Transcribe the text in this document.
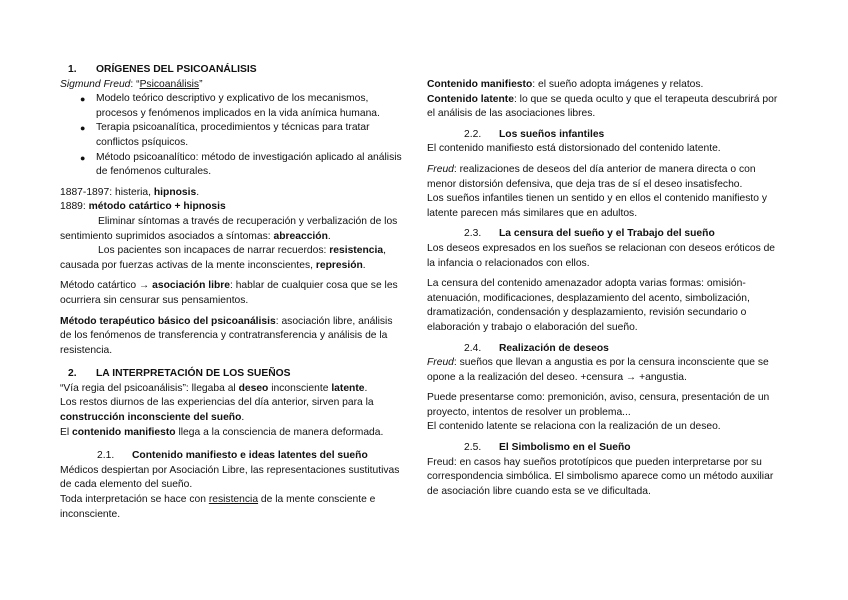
1. ORÍGENES DEL PSICOANÁLISIS

Sigmund Freud: “Psicoanálisis”

● Modelo teórico descriptivo y explicativo de los mecanismos, procesos y fenómenos implicados en la vida anímica humana.
● Terapia psicoanalítica, procedimientos y técnicas para tratar conflictos psíquicos.
● Método psicoanalítico: método de investigación aplicado al análisis de fenómenos culturales.

1887-1897: histeria, hipnosis.

1889: método catártico + hipnosis

Eliminar síntomas a través de recuperación y verbalización de los sentimiento suprimidos asociados a síntomas: abreacción.

Los pacientes son incapaces de narrar recuerdos: resistencia, causada por fuerzas activas de la mente inconscientes, represión.

Método catártico → asociación libre: hablar de cualquier cosa que se les ocurriera sin censurar sus pensamientos.

Método terapéutico básico del psicoanálisis: asociación libre, análisis de los fenómenos de transferencia y contratransferencia y análisis de la resistencia.

2. LA INTERPRETACIÓN DE LOS SUEÑOS

“Vía regia del psicoanálisis”: llegaba al deseo inconsciente latente.

Los restos diurnos de las experiencias del día anterior, sirven para la construcción inconsciente del sueño.

El contenido manifiesto llega a la consciencia de manera deformada.

2.1. Contenido manifiesto e ideas latentes del sueño

Médicos despiertan por Asociación Libre, las representaciones sustitutivas de cada elemento del sueño.

Toda interpretación se hace con resistencia de la mente consciente e inconsciente.

Contenido manifiesto: el sueño adopta imágenes y relatos.

Contenido latente: lo que se queda oculto y que el terapeuta descubrirá por el análisis de las asociaciones libres.

2.2. Los sueños infantiles

El contenido manifiesto está distorsionado del contenido latente.

Freud: realizaciones de deseos del día anterior de manera directa o con menor distorsión defensiva, que deja tras de sí el deseo insatisfecho.

Los sueños infantiles tienen un sentido y en ellos el contenido manifiesto y latente parecen más similares que en adultos.

2.3. La censura del sueño y el Trabajo del sueño

Los deseos expresados en los sueños se relacionan con deseos eróticos de la infancia o relacionados con ellos.

La censura del contenido amenazador adopta varias formas: omisión-atenuación, modificaciones, desplazamiento del acento, simbolización, dramatización, condensación y desplazamiento, revisión secundario o elaboración y trabajo o elaboración del sueño.

2.4. Realización de deseos

Freud: sueños que llevan a angustia es por la censura inconsciente que se opone a la realización del deseo. +censura → +angustia.

Puede presentarse como: premonición, aviso, censura, presentación de un proyecto, intentos de resolver un problema...

El contenido latente se relaciona con la realización de un deseo.

2.5. El Simbolismo en el Sueño

Freud: en casos hay sueños prototípicos que pueden interpretarse por su correspondencia simbólica. El simbolismo aparece como un método auxiliar de asociación libre cuando esta se ve dificultada.
